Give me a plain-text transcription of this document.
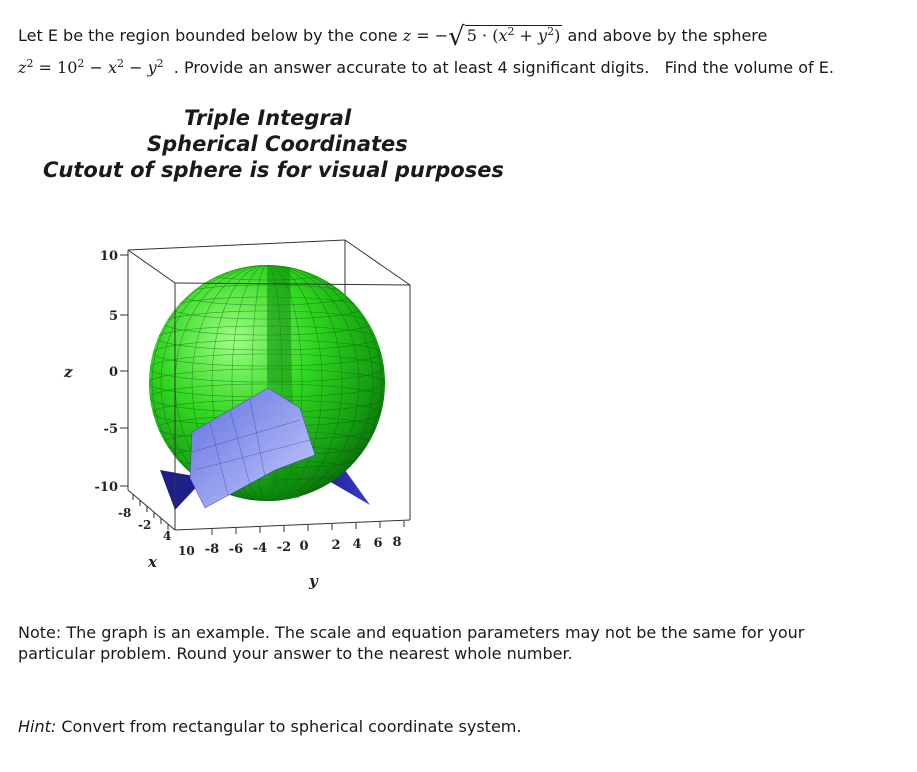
Let E be the region bounded below by the cone z = −√ $5 \cdot (x^2 + y^2)$ and above by the sphere
$z^2 = 10^2 - x^2 - y^2$ . Provide an answer accurate to at least 4 significant digits. Find the volume of E.
Triple Integral
Spherical Coordinates
Cutout of sphere is for visual purposes
10
5
0
-5
-10
z
-8
-2
4
10
x
-8 -6 -4 -2 0 2 4 6 8
y
Note: The graph is an example. The scale and equation parameters may not be the same for your
particular problem. Round your answer to the nearest whole number.
Hint: Convert from rectangular to spherical coordinate system.
